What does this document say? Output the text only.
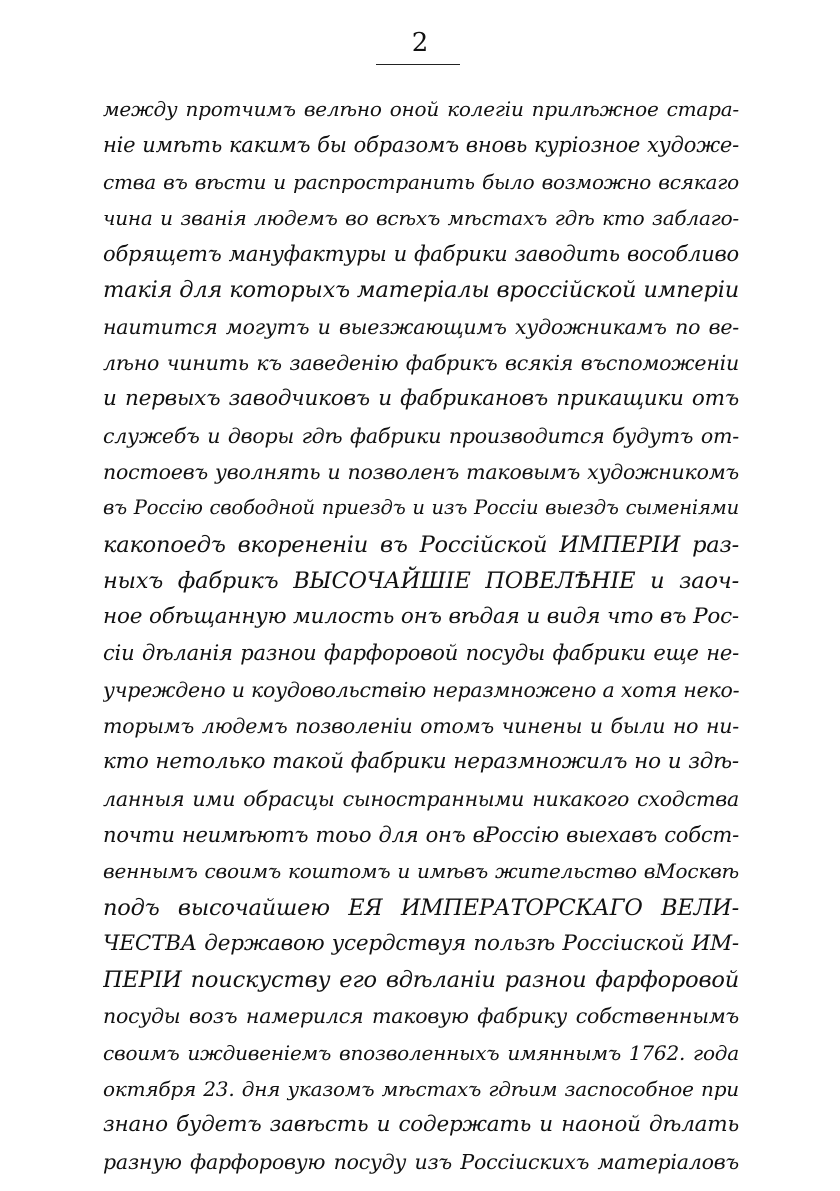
2
между протчимъ велѣно оной колегіи прилѣжное стара-
ніе имѣть какимъ бы образомъ вновь курiозное художе-
ства въ вѣсти и распространить было возможно всякаго
чина и званiя людемъ во всѣхъ мѣстахъ гдѣ кто заблаго-
обрящетъ мануфактуры и фабрики заводить вособливо
такiя для которыхъ матерiалы вроссiйской имперiи
наитится могутъ и выезжающимъ художникамъ по ве-
лѣно чинить къ заведенiю фабрикъ всякiя въспоможенiи
и первыхъ заводчиковъ и фабрикановъ прикащики отъ
служебъ и дворы гдѣ фабрики производится будутъ от-
постоевъ уволнять и позволенъ таковымъ художникомъ
въ Россiю свободной приездъ и изъ Россiи выездъ сыменiями
какопоедъ вкорененiи въ Россiйской ИМПЕРIИ раз-
ныхъ фабрикъ ВЫСОЧАЙШIЕ ПОВЕЛѢНIЕ и заоч-
ное обѣщанную милость онъ вѣдая и видя что въ Рос-
сiи дѣланiя разнои фарфоровой посуды фабрики еще не-
учреждено и коудовольствiю неразмножено а хотя неко-
торымъ людемъ позволенiи отомъ чинены и были но ни-
кто нетолько такой фабрики неразмножилъ но и здѣ-
ланныя ими обрасцы сыностранными никакого сходства
почти неимѣютъ тоьо для онъ вРоссiю выехавъ собст-
веннымъ своимъ коштомъ и имѣвъ жительство вМосквѣ
подъ высочайшею ЕЯ ИМПЕРАТОРСКАГО ВЕЛИ-
ЧЕСТВА державою усердствуя пользѣ Россiиской ИМ-
ПЕРIИ поискуству его вдѣланiи разнои фарфоровой
посуды возъ намерился таковую фабрику собственнымъ
своимъ иждивенiемъ впозволенныхъ имяннымъ 1762. года
октября 23. дня указомъ мѣстахъ гдѣим заспособное при
знано будетъ завѣсть и содержать и наоной дѣлать
разную фарфоровую посуду изъ Россiискихъ матерiаловъ
